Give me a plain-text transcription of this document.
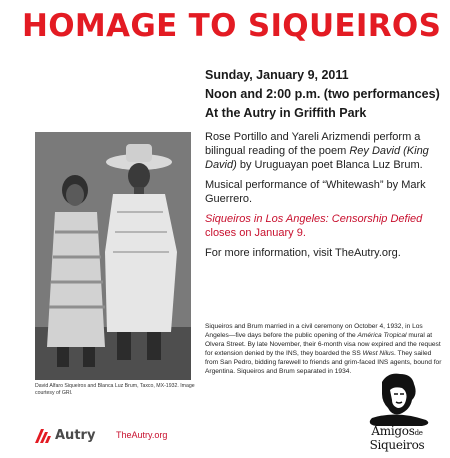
HOMAGE TO SIQUEIROS
Sunday, January 9, 2011
Noon and 2:00 p.m. (two performances)
At the Autry in Griffith Park

Rose Portillo and Yareli Arizmendi perform a bilingual reading of the poem Rey David (King David) by Uruguayan poet Blanca Luz Brum.

Musical performance of “Whitewash” by Mark Guerrero.

Siqueiros in Los Angeles: Censorship Defied closes on January 9.

For more information, visit TheAutry.org.

David Alfaro Siqueiros and Blanca Luz Brum, Taxco, MX-1932. Image courtesy of GRI.
Siqueiros and Brum married in a civil ceremony on October 4, 1932, in Los Angeles—five days before the public opening of the América Tropical mural at Olvera Street. By late November, their 6-month visa now expired and the request for extension denied by the INS, they boarded the SS West Nilus. They sailed from San Pedro, bidding farewell to friends and grim-faced INS agents, bound for Argentina. Siqueiros and Brum separated in 1934.
Autry TheAutry.org	Amigosde
Siqueiros
